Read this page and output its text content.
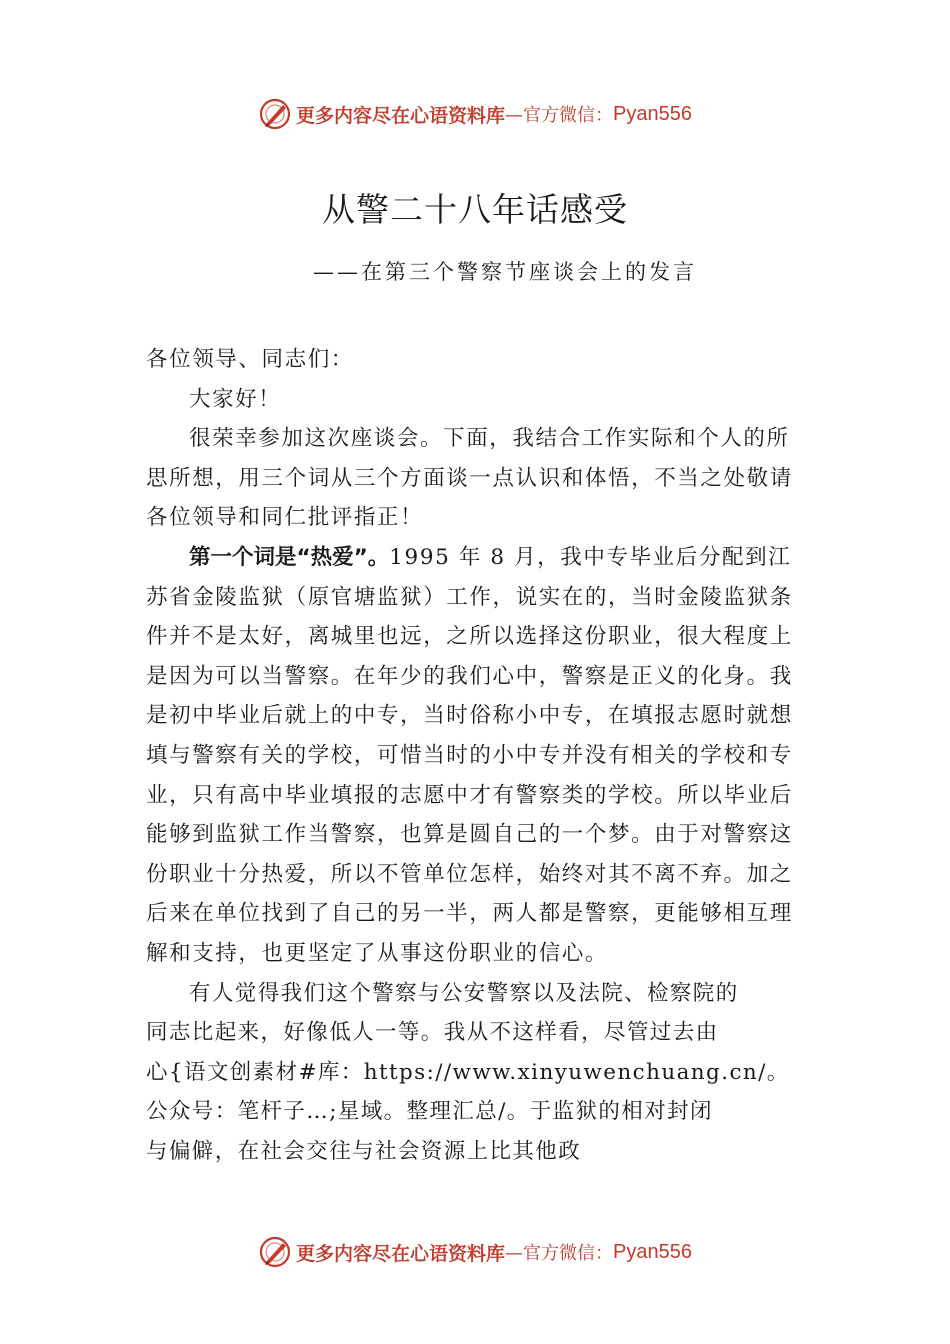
更多内容尽在心语资料库 —官方微信： Pyan556
从警二十八年话感受
——在第三个警察节座谈会上的发言

各位领导、同志们：

大家好！

很荣幸参加这次座谈会。下面，我结合工作实际和个人的所思所想，用三个词从三个方面谈一点认识和体悟，不当之处敬请各位领导和同仁批评指正！

第一个词是“热爱”。1995 年 8 月，我中专毕业后分配到江苏省金陵监狱（原官塘监狱）工作，说实在的，当时金陵监狱条件并不是太好，离城里也远，之所以选择这份职业，很大程度上是因为可以当警察。在年少的我们心中，警察是正义的化身。我是初中毕业后就上的中专，当时俗称小中专，在填报志愿时就想填与警察有关的学校，可惜当时的小中专并没有相关的学校和专业，只有高中毕业填报的志愿中才有警察类的学校。所以毕业后能够到监狱工作当警察，也算是圆自己的一个梦。由于对警察这份职业十分热爱，所以不管单位怎样，始终对其不离不弃。加之后来在单位找到了自己的另一半，两人都是警察，更能够相互理解和支持，也更坚定了从事这份职业的信心。

有人觉得我们这个警察与公安警察以及法院、检察院的

同志比起来，好像低人一等。我从不这样看，尽管过去由

心{语文创素材#库：https://www.xinyuwenchuang.cn/。

公众号：笔杆子…;星域。整理汇总/。于监狱的相对封闭

与偏僻，在社会交往与社会资源上比其他政

更多内容尽在心语资料库 —官方微信： Pyan556
